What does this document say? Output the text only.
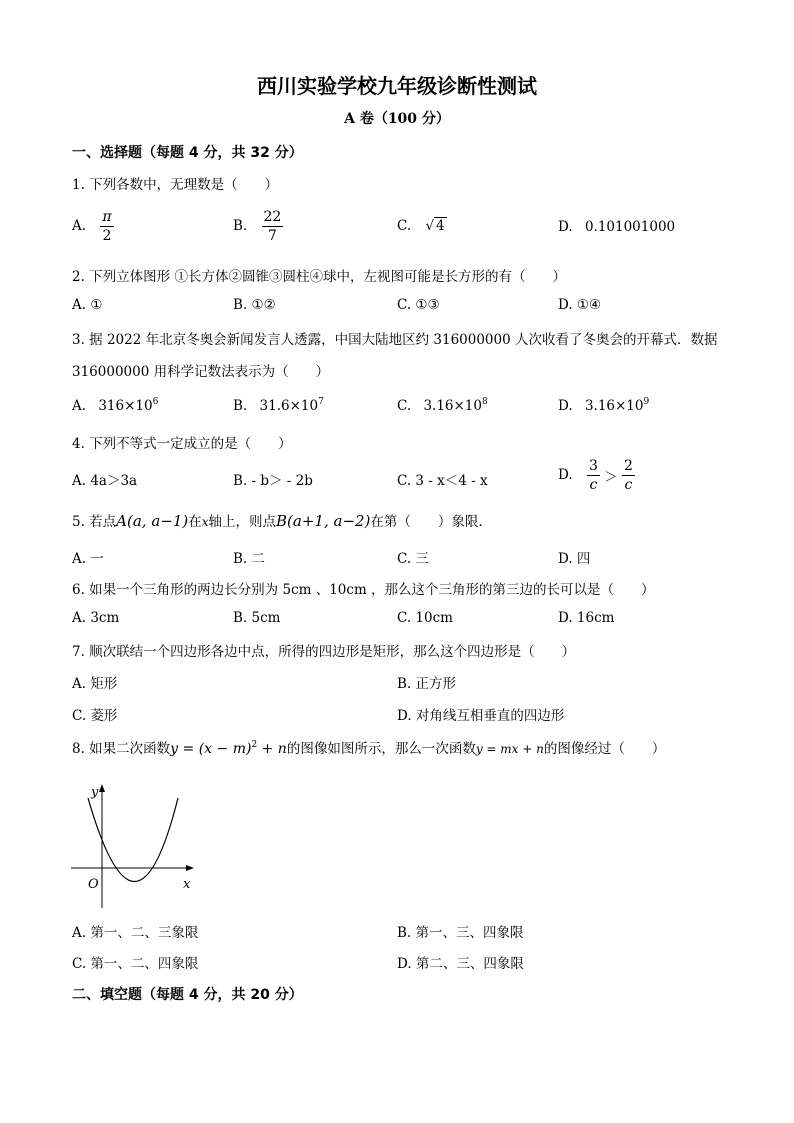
西川实验学校九年级诊断性测试
A 卷（100 分）
一、选择题（每题 4 分，共 32 分）
1. 下列各数中，无理数是（　　）
A. $\frac{\pi}{2}$	B. $\frac{22}{7}$	C. √ 4	D. 0.101001000
2. 下列立体图形 ①长方体②圆锥③圆柱④球中，左视图可能是长方形的有（　　）
A. ①	B. ①②	C. ①③	D. ①④
3. 据 2022 年北京冬奥会新闻发言人透露，中国大陆地区约 316000000 人次收看了冬奥会的开幕式．数据
316000000 用科学记数法表示为（　　）
A. $316\times 10^6$	B. $31.6\times 10^7$	C. $3.16\times 10^8$	D. $3.16\times 10^9$
4. 下列不等式一定成立的是（　　）
A. 4a＞3a	B. - b＞ - 2b	C. 3 - x＜4 - x	D. $\frac{3}{c} > \frac{2}{c}$
5. 若点A(a, a−1)在x轴上，则点B(a+1, a−2)在第（　　）象限.
A. 一	B. 二	C. 三	D. 四
6. 如果一个三角形的两边长分别为 5cm 、10cm ，那么这个三角形的第三边的长可以是（　　）
A. 3cm	B. 5cm	C. 10cm	D. 16cm
7. 顺次联结一个四边形各边中点，所得的四边形是矩形，那么这个四边形是（　　）
A. 矩形	B. 正方形
C. 菱形	D. 对角线互相垂直的四边形
8. 如果二次函数$y = (x - m)^2 + n$的图像如图所示，那么一次函数y = mx + n的图像经过（　　）
y
x
O
A. 第一、二、三象限	B. 第一、三、四象限
C. 第一、二、四象限	D. 第二、三、四象限
二、填空题（每题 4 分，共 20 分）
